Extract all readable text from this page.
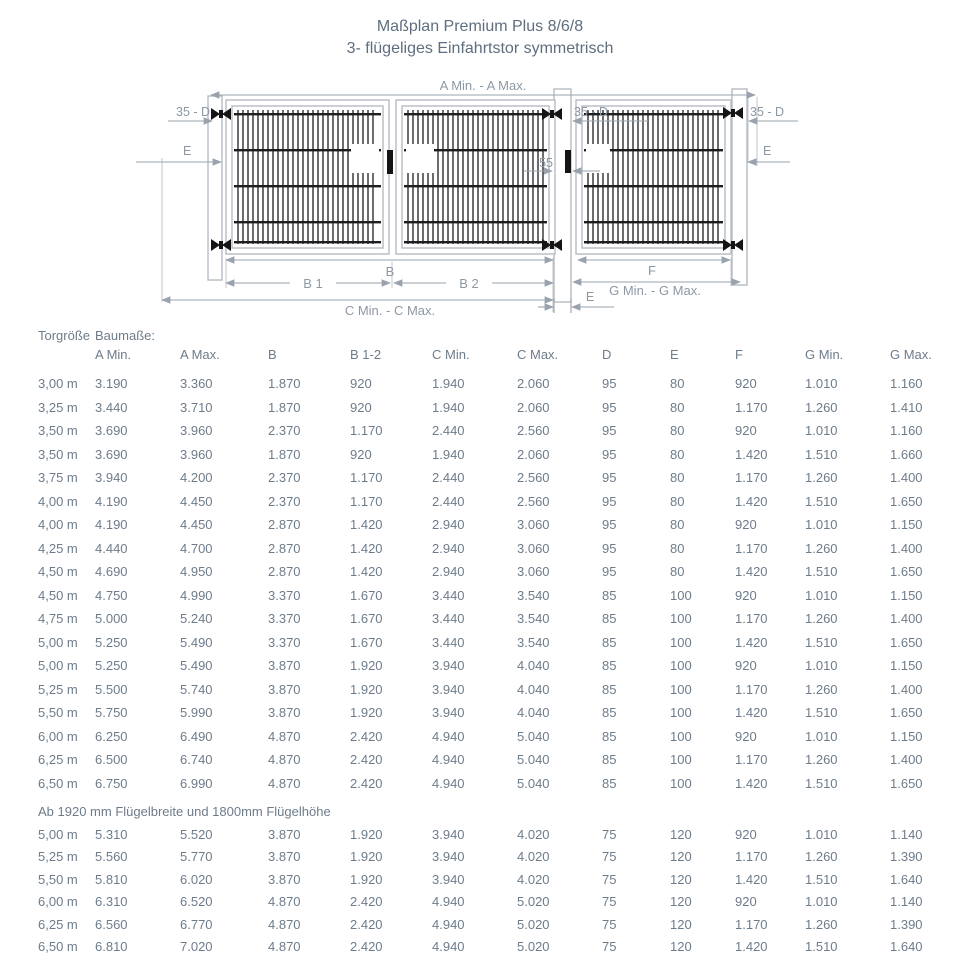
Maßplan Premium Plus 8/6/8
3- flügeliges Einfahrtstor symmetrisch
A Min. - A Max.
35 - D	35 - D	35 - D
E	E
55
B
B 1	B 2
C Min. - C Max.
F
G Min. - G Max.
E
Torgröße Baumaße:
A Min.	A Max.	B	B 1-2	C Min.	C Max.	D	E	F	G Min.	G Max.
3,00 m	3.190	3.360	1.870	920	1.940	2.060	95	80	920	1.010	1.160
3,25 m	3.440	3.710	1.870	920	1.940	2.060	95	80	1.170	1.260	1.410
3,50 m	3.690	3.960	2.370	1.170	2.440	2.560	95	80	920	1.010	1.160
3,50 m	3.690	3.960	1.870	920	1.940	2.060	95	80	1.420	1.510	1.660
3,75 m	3.940	4.200	2.370	1.170	2.440	2.560	95	80	1.170	1.260	1.400
4,00 m	4.190	4.450	2.370	1.170	2.440	2.560	95	80	1.420	1.510	1.650
4,00 m	4.190	4.450	2.870	1.420	2.940	3.060	95	80	920	1.010	1.150
4,25 m	4.440	4.700	2.870	1.420	2.940	3.060	95	80	1.170	1.260	1.400
4,50 m	4.690	4.950	2.870	1.420	2.940	3.060	95	80	1.420	1.510	1.650
4,50 m	4.750	4.990	3.370	1.670	3.440	3.540	85	100	920	1.010	1.150
4,75 m	5.000	5.240	3.370	1.670	3.440	3.540	85	100	1.170	1.260	1.400
5,00 m	5.250	5.490	3.370	1.670	3.440	3.540	85	100	1.420	1.510	1.650
5,00 m	5.250	5.490	3.870	1.920	3.940	4.040	85	100	920	1.010	1.150
5,25 m	5.500	5.740	3.870	1.920	3.940	4.040	85	100	1.170	1.260	1.400
5,50 m	5.750	5.990	3.870	1.920	3.940	4.040	85	100	1.420	1.510	1.650
6,00 m	6.250	6.490	4.870	2.420	4.940	5.040	85	100	920	1.010	1.150
6,25 m	6.500	6.740	4.870	2.420	4.940	5.040	85	100	1.170	1.260	1.400
6,50 m	6.750	6.990	4.870	2.420	4.940	5.040	85	100	1.420	1.510	1.650
Ab 1920 mm Flügelbreite und 1800mm Flügelhöhe
5,00 m	5.310	5.520	3.870	1.920	3.940	4.020	75	120	920	1.010	1.140
5,25 m	5.560	5.770	3.870	1.920	3.940	4.020	75	120	1.170	1.260	1.390
5,50 m	5.810	6.020	3.870	1.920	3.940	4.020	75	120	1.420	1.510	1.640
6,00 m	6.310	6.520	4.870	2.420	4.940	5.020	75	120	920	1.010	1.140
6,25 m	6.560	6.770	4.870	2.420	4.940	5.020	75	120	1.170	1.260	1.390
6,50 m	6.810	7.020	4.870	2.420	4.940	5.020	75	120	1.420	1.510	1.640
